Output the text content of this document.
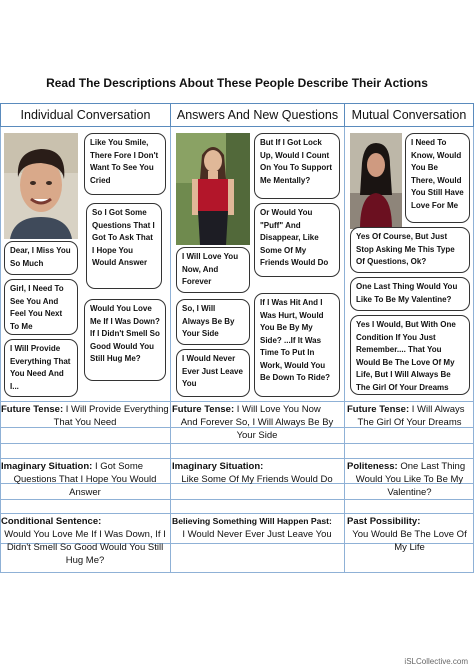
Read The Descriptions About These People Describe Their Actions
Individual Conversation	Answers And New Questions	Mutual Conversation
Like You Smile, There Fore I Don't Want To See You Cried
So I Got Some Questions That I Got To Ask That I Hope You Would Answer
Dear, I Miss You So Much
Girl, I Need To See You And Feel You Next To Me
Would You Love Me If I Was Down? If I Didn't Smell So Good Would You Still Hug Me?
I Will Provide Everything That You Need And I...
But If I Got Lock Up, Would I Count On You To Support Me Mentally?
Or Would You "Puff" And Disappear, Like Some Of My Friends Would Do
I Will Love You Now, And Forever
So, I Will Always Be By Your Side
If I Was Hit And I Was Hurt, Would You Be By My Side? ...If It Was Time To Put In Work, Would You Be Down To Ride?
I Would Never Ever Just Leave You
I Need To Know, Would You Be There, Would You Still Have Love For Me
Yes Of Course, But Just Stop Asking Me This Type Of Questions, Ok?
One Last Thing Would You Like To Be My Valentine?
Yes I Would, But With One Condition If You Just Remember.... That You Would Be The Love Of My Life, But I Will Always Be The Girl Of Your Dreams
Future Tense: I Will Provide Everything
That You Need
Future Tense: I Will Love You Now
And Forever So, I Will Always Be By Your Side
Future Tense: I Will Always
The Girl Of Your Dreams
Imaginary Situation: I Got Some
Questions That I Hope You Would Answer
Imaginary Situation:
Like Some Of My Friends Would Do
Politeness: One Last Thing
Would You Like To Be My Valentine?
Conditional Sentence:
Would You Love Me If I Was Down, If I Didn't Smell So Good Would You Still Hug Me?
Believing Something Will Happen Past:
I Would Never Ever Just Leave You
Past Possibility:
You Would Be The Love Of My Life
iSLCollective.com
